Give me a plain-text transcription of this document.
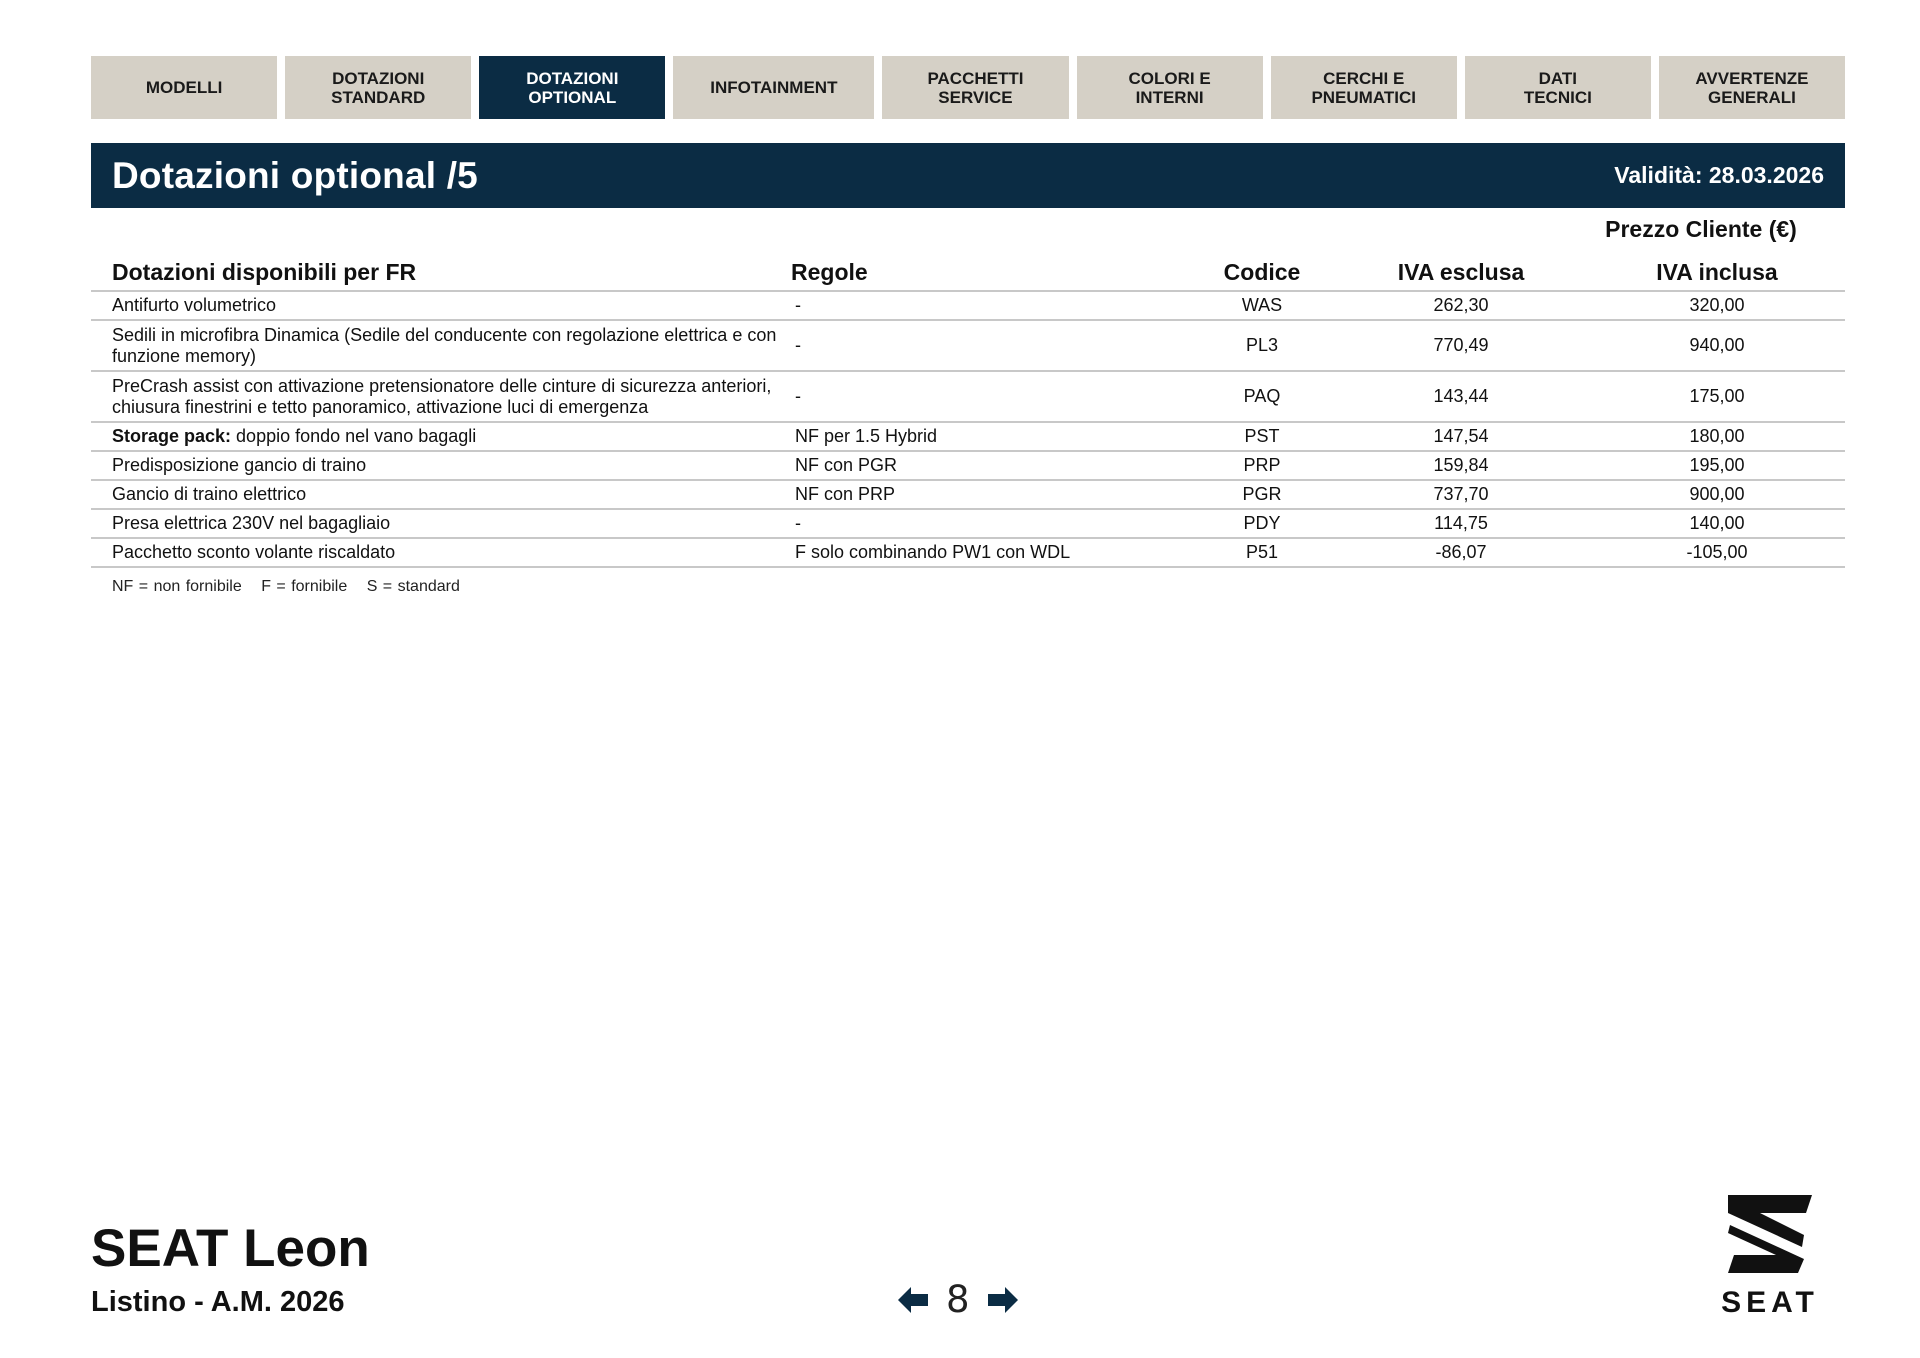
MODELLI	DOTAZIONI
STANDARD
DOTAZIONI
OPTIONAL	INFOTAINMENT	PACCHETTI
SERVICE
COLORI E
INTERNI
CERCHI E
PNEUMATICI
DATI
TECNICI
AVVERTENZE
GENERALI
Dotazioni optional /5	Validità: 28.03.2026
Prezzo Cliente (€)
Dotazioni disponibili per FR	Regole	Codice	IVA esclusa	IVA inclusa
Antifurto volumetrico	-	WAS	262,30	320,00
Sedili in microfibra Dinamica (Sedile del conducente con regolazione elettrica e con funzione memory)	-	PL3	770,49	940,00
PreCrash assist con attivazione pretensionatore delle cinture di sicurezza anteriori, chiusura finestrini e tetto panoramico, attivazione luci di emergenza	-	PAQ	143,44	175,00
Storage pack: doppio fondo nel vano bagagli	NF per 1.5 Hybrid	PST	147,54	180,00
Predisposizione gancio di traino	NF con PGR	PRP	159,84	195,00
Gancio di traino elettrico	NF con PRP	PGR	737,70	900,00
Presa elettrica 230V nel bagagliaio	-	PDY	114,75	140,00
Pacchetto sconto volante riscaldato	F solo combinando PW1 con WDL	P51	-86,07	-105,00
NF = non fornibile F = fornibile S = standard
SEAT Leon
Listino - A.M. 2026	8	SEAT
